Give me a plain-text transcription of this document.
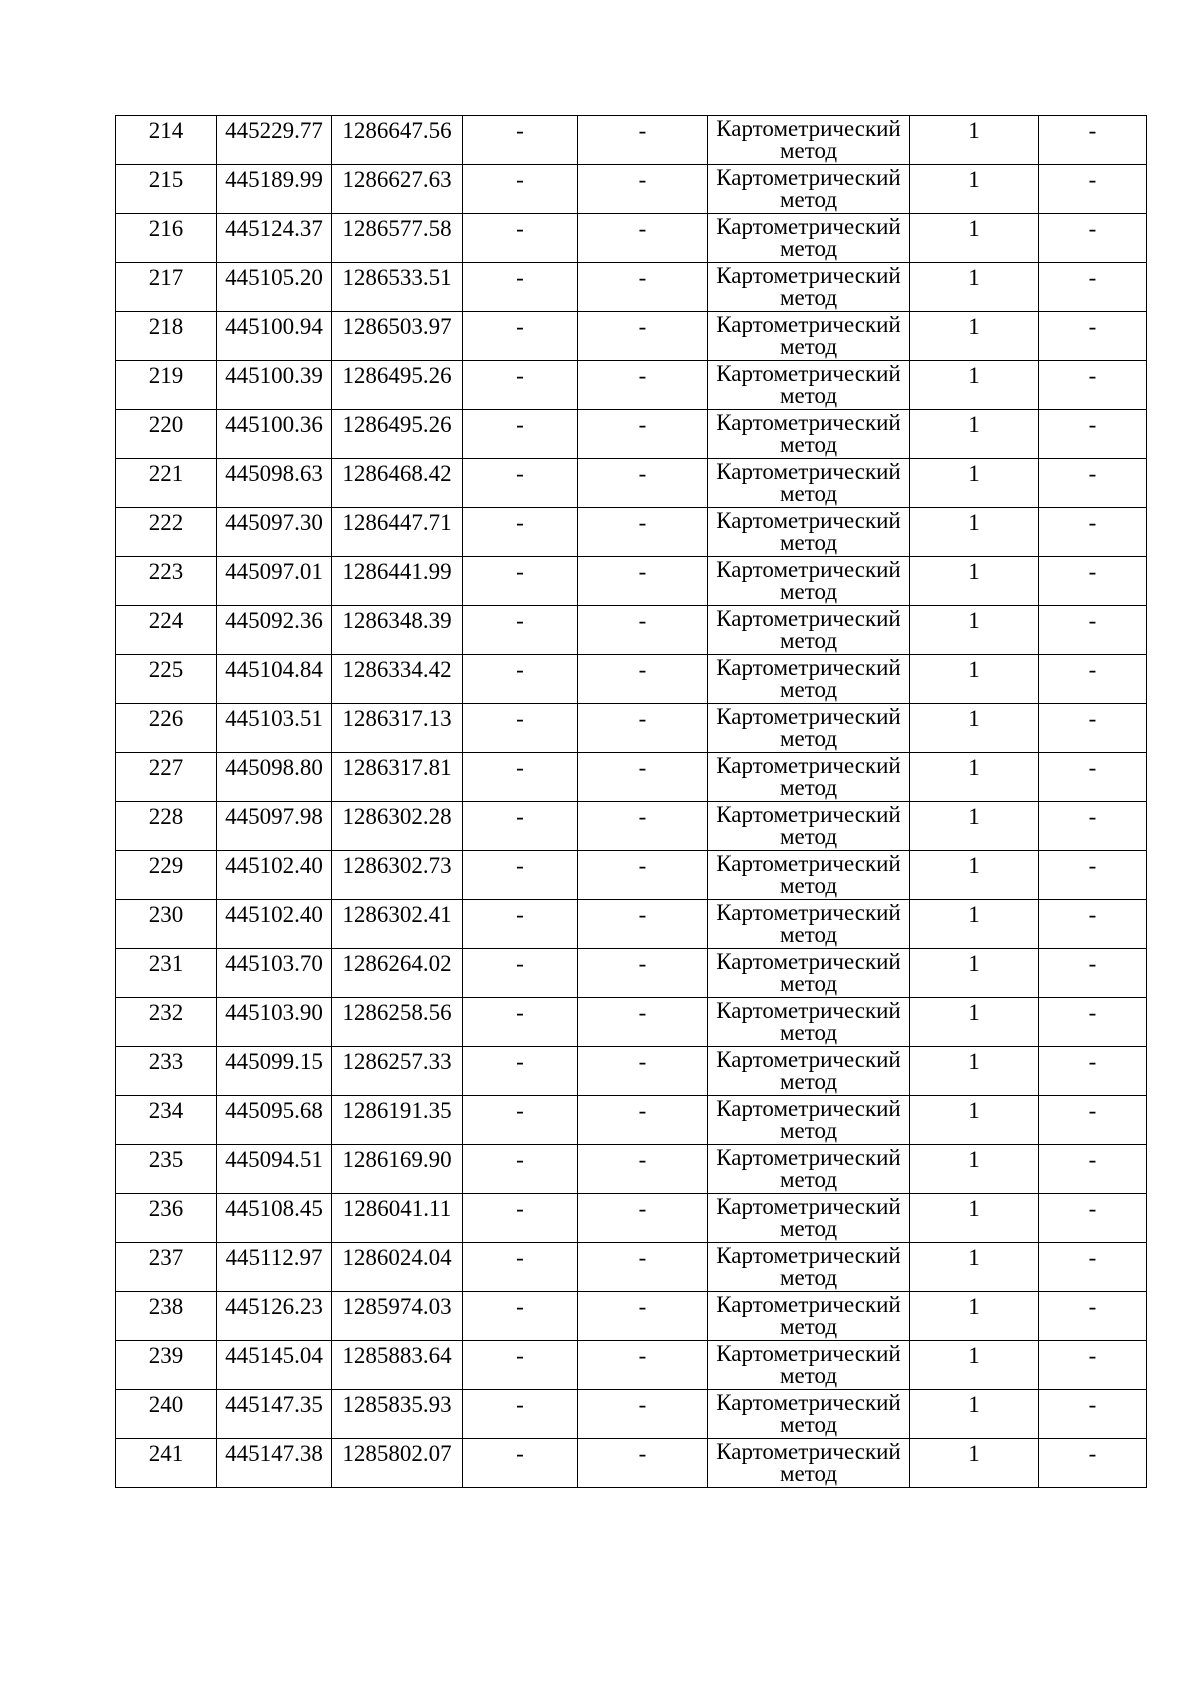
214	445229.77	1286647.56	-	-	Картометрический
метод	1	-
215	445189.99	1286627.63	-	-	Картометрический
метод	1	-
216	445124.37	1286577.58	-	-	Картометрический
метод	1	-
217	445105.20	1286533.51	-	-	Картометрический
метод	1	-
218	445100.94	1286503.97	-	-	Картометрический
метод	1	-
219	445100.39	1286495.26	-	-	Картометрический
метод	1	-
220	445100.36	1286495.26	-	-	Картометрический
метод	1	-
221	445098.63	1286468.42	-	-	Картометрический
метод	1	-
222	445097.30	1286447.71	-	-	Картометрический
метод	1	-
223	445097.01	1286441.99	-	-	Картометрический
метод	1	-
224	445092.36	1286348.39	-	-	Картометрический
метод	1	-
225	445104.84	1286334.42	-	-	Картометрический
метод	1	-
226	445103.51	1286317.13	-	-	Картометрический
метод	1	-
227	445098.80	1286317.81	-	-	Картометрический
метод	1	-
228	445097.98	1286302.28	-	-	Картометрический
метод	1	-
229	445102.40	1286302.73	-	-	Картометрический
метод	1	-
230	445102.40	1286302.41	-	-	Картометрический
метод	1	-
231	445103.70	1286264.02	-	-	Картометрический
метод	1	-
232	445103.90	1286258.56	-	-	Картометрический
метод	1	-
233	445099.15	1286257.33	-	-	Картометрический
метод	1	-
234	445095.68	1286191.35	-	-	Картометрический
метод	1	-
235	445094.51	1286169.90	-	-	Картометрический
метод	1	-
236	445108.45	1286041.11	-	-	Картометрический
метод	1	-
237	445112.97	1286024.04	-	-	Картометрический
метод	1	-
238	445126.23	1285974.03	-	-	Картометрический
метод	1	-
239	445145.04	1285883.64	-	-	Картометрический
метод	1	-
240	445147.35	1285835.93	-	-	Картометрический
метод	1	-
241	445147.38	1285802.07	-	-	Картометрический
метод	1	-
